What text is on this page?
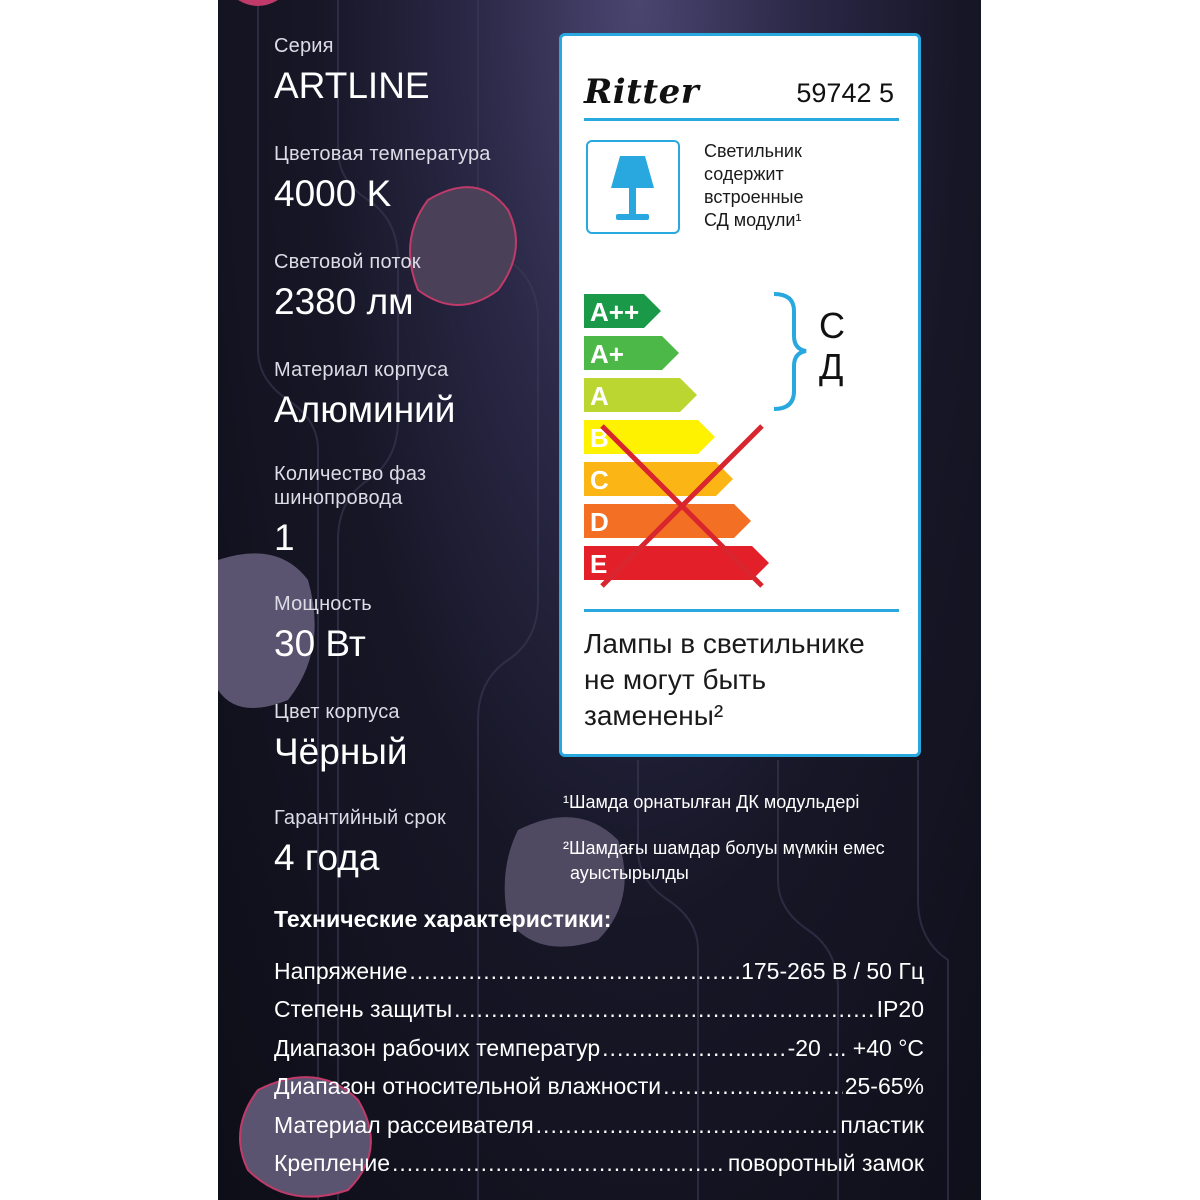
Серия
ARTLINE
Цветовая температура
4000 K
Световой поток
2380 лм
Материал корпуса
Алюминий
Количество фаз
шинопровода
1
Мощность
30 Вт
Цвет корпуса
Чёрный
Гарантийный срок
4 года
Ritter	59742 5
Светильник
содержит
встроенные
СД модули¹
A++
A+
A
B
C
D
E
С
Д
Лампы в светильнике
не могут быть
заменены²
¹Шамда орнатылған ДК модульдері
²Шамдағы шамдар болуы мүмкін емес
ауыстырылды
Технические характеристики:
Напряжение .....	175-265 В / 50 Гц
Степень защиты .....	IP20
Диапазон рабочих температур .....	-20 ... +40 °C
Диапазон относительной влажности .....	25-65%
Материал рассеивателя .....	пластик
Крепление .....	поворотный замок
